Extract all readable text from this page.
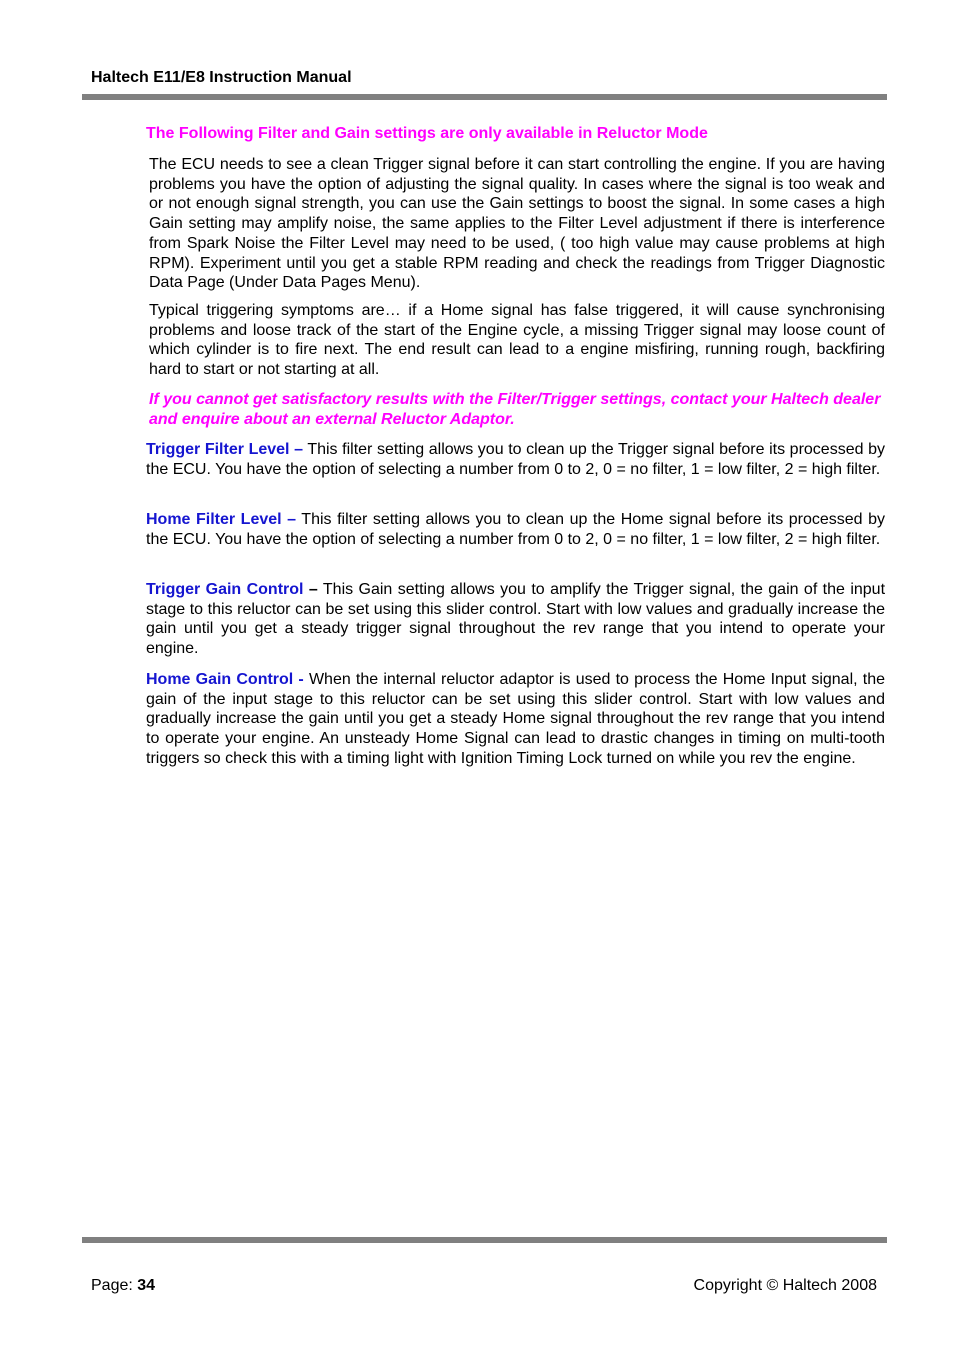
Haltech E11/E8 Instruction Manual
The Following Filter and Gain settings are only available in Reluctor Mode

The ECU needs to see a clean Trigger signal before it can start controlling the engine. If you are having problems you have the option of adjusting the signal quality. In cases where the signal is too weak and or not enough signal strength, you can use the Gain settings to boost the signal. In some cases a high Gain setting may amplify noise, the same applies to the Filter Level adjustment if there is interference from Spark Noise the Filter Level may need to be used, ( too high value may cause problems at high RPM). Experiment until you get a stable RPM reading and check the readings from Trigger Diagnostic Data Page (Under Data Pages Menu).

Typical triggering symptoms are… if a Home signal has false triggered, it will cause synchronising problems and loose track of the start of the Engine cycle, a missing Trigger signal may loose count of which cylinder is to fire next. The end result can lead to a engine misfiring, running rough, backfiring hard to start or not starting at all.

If you cannot get satisfactory results with the Filter/Trigger settings, contact your Haltech dealer and enquire about an external Reluctor Adaptor.

Trigger Filter Level – This filter setting allows you to clean up the Trigger signal before its processed by the ECU. You have the option of selecting a number from 0 to 2, 0 = no filter, 1 = low filter, 2 = high filter.

Home Filter Level – This filter setting allows you to clean up the Home signal before its processed by the ECU. You have the option of selecting a number from 0 to 2, 0 = no filter, 1 = low filter, 2 = high filter.

Trigger Gain Control – This Gain setting allows you to amplify the Trigger signal, the gain of the input stage to this reluctor can be set using this slider control. Start with low values and gradually increase the gain until you get a steady trigger signal throughout the rev range that you intend to operate your engine.

Home Gain Control - When the internal reluctor adaptor is used to process the Home Input signal, the gain of the input stage to this reluctor can be set using this slider control. Start with low values and gradually increase the gain until you get a steady Home signal throughout the rev range that you intend to operate your engine. An unsteady Home Signal can lead to drastic changes in timing on multi-tooth triggers so check this with a timing light with Ignition Timing Lock turned on while you rev the engine.

Page: 34	Copyright © Haltech 2008
